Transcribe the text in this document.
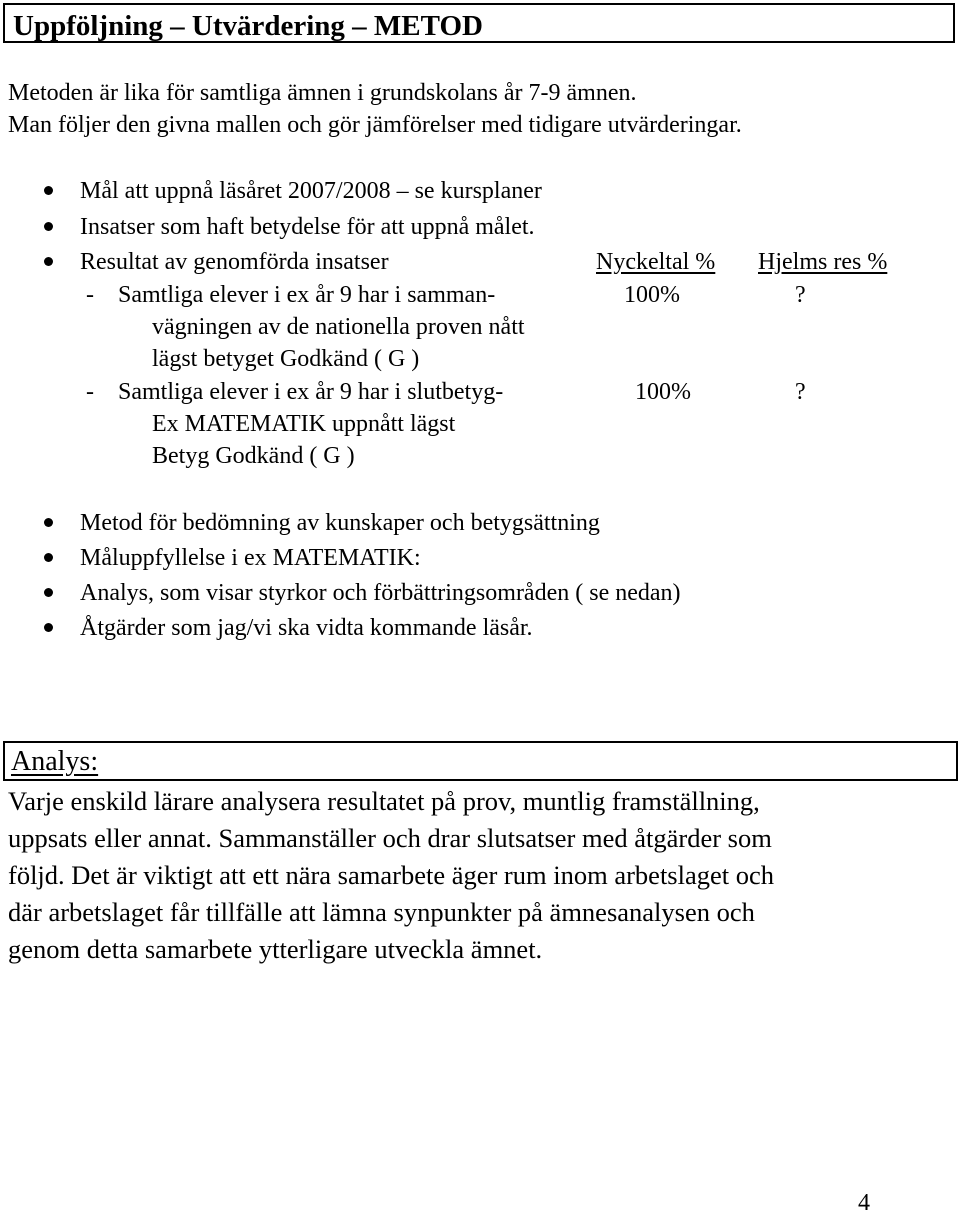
Uppföljning – Utvärdering – METOD
Metoden är lika för samtliga ämnen i grundskolans år 7-9 ämnen.
Man följer den givna mallen och gör jämförelser med tidigare utvärderingar.
Mål att uppnå läsåret 2007/2008 – se kursplaner
Insatser som haft betydelse för att uppnå målet.
Resultat av genomförda insatser	Nyckeltal % Hjelms res %
- Samtliga elever i ex år 9 har i samman-
vägningen av de nationella proven nått
lägst betyget Godkänd ( G )
100%	?
- Samtliga elever i ex år 9 har i slutbetyg-
Ex MATEMATIK uppnått lägst
Betyg Godkänd ( G )
100%	?
Metod för bedömning av kunskaper och betygsättning
Måluppfyllelse i ex MATEMATIK:
Analys, som visar styrkor och förbättringsområden ( se nedan)
Åtgärder som jag/vi ska vidta kommande läsår.
Analys:
Varje enskild lärare analysera resultatet på prov, muntlig framställning,
uppsats eller annat. Sammanställer och drar slutsatser med åtgärder som
följd. Det är viktigt att ett nära samarbete äger rum inom arbetslaget och
där arbetslaget får tillfälle att lämna synpunkter på ämnesanalysen och
genom detta samarbete ytterligare utveckla ämnet.
4
